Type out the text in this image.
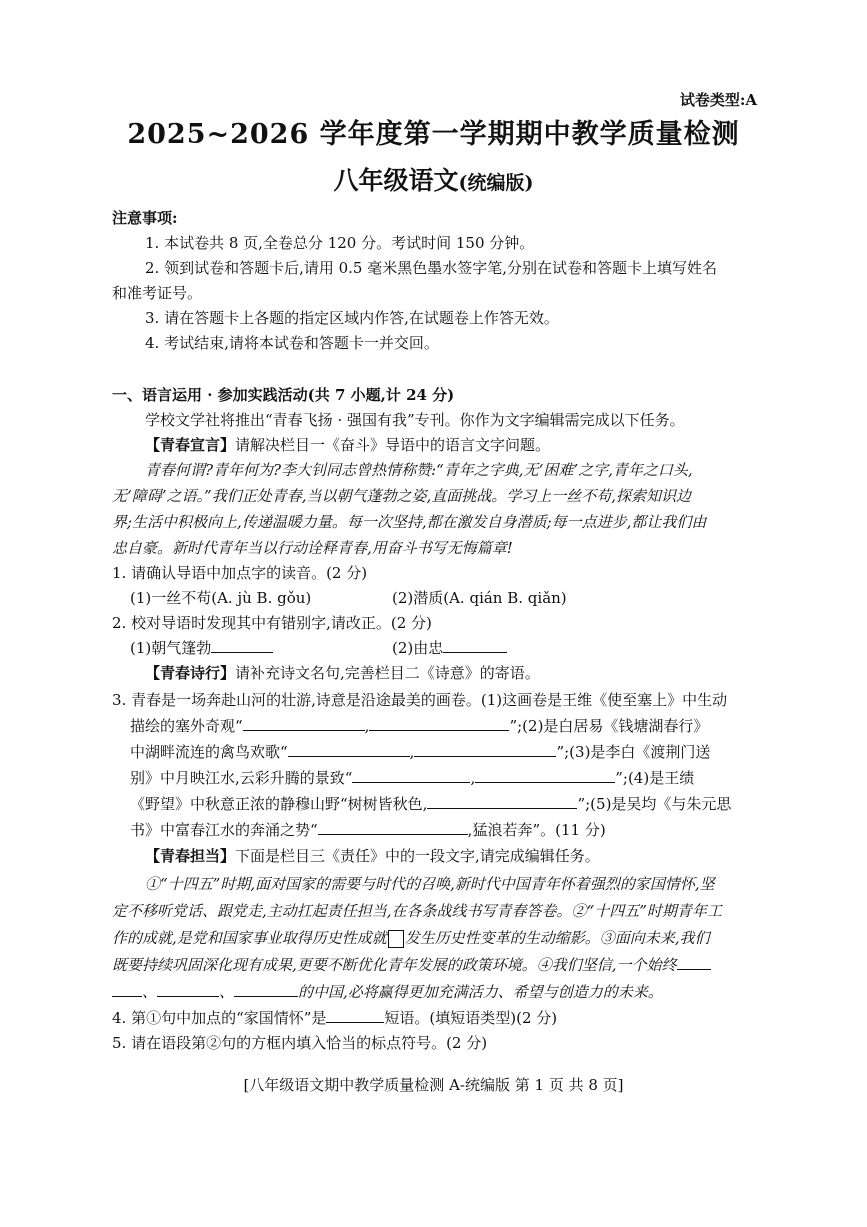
试卷类型:A
2025~2026 学年度第一学期期中教学质量检测
八年级语文(统编版)
注意事项:
1. 本试卷共 8 页,全卷总分 120 分。考试时间 150 分钟。
2. 领到试卷和答题卡后,请用 0.5 毫米黑色墨水签字笔,分别在试卷和答题卡上填写姓名
和准考证号。
3. 请在答题卡上各题的指定区域内作答,在试题卷上作答无效。
4. 考试结束,请将本试卷和答题卡一并交回。
一、语言运用 · 参加实践活动(共 7 小题,计 24 分)
学校文学社将推出“青春飞扬 · 强国有我”专刊。你作为文字编辑需完成以下任务。
【青春宣言】请解决栏目一《奋斗》导语中的语言文字问题。
青春何谓?青年何为?李大钊同志曾热情称赞:“青年之字典,无‘困难’之字,青年之口头,
无‘障碍’之语。”我们正处青春,当以朝气蓬勃之姿,直面挑战。学习上一丝不苟,探索知识边
界;生活中积极向上,传递温暖力量。每一次坚持,都在激发自身潜质;每一点进步,都让我们由
忠自豪。新时代青年当以行动诠释青春,用奋斗书写无悔篇章!
1. 请确认导语中加点字的读音。(2 分)
(1)一丝不苟(A. jù B. gǒu)	(2)潜质(A. qián B. qiǎn)
2. 校对导语时发现其中有错别字,请改正。(2 分)
(1)朝气篷勃	(2)由忠
【青春诗行】请补充诗文名句,完善栏目二《诗意》的寄语。
3. 青春是一场奔赴山河的壮游,诗意是沿途最美的画卷。(1)这画卷是王维《使至塞上》中生动
描绘的塞外奇观“	,	”;(2)是白居易《钱塘湖春行》
中湖畔流连的禽鸟欢歌“	,	”;(3)是李白《渡荆门送
别》中月映江水,云彩升腾的景致“	,	”;(4)是王绩
《野望》中秋意正浓的静穆山野“树树皆秋色,	”;(5)是吴均《与朱元思
书》中富春江水的奔涌之势“	,猛浪若奔”。(11 分)
【青春担当】下面是栏目三《责任》中的一段文字,请完成编辑任务。
①“十四五”时期,面对国家的需要与时代的召唤,新时代中国青年怀着强烈的家国情怀,坚
定不移听党话、跟党走,主动扛起责任担当,在各条战线书写青春答卷。②“十四五”时期青年工
作的成就,是党和国家事业取得历史性成就 发生历史性变革的生动缩影。③面向未来,我们
既要持续巩固深化现有成果,更要不断优化青年发展的政策环境。④我们坚信,一个始终
、	、	的中国,必将赢得更加充满活力、希望与创造力的未来。
4. 第①句中加点的“家国情怀”是	短语。(填短语类型)(2 分)
5. 请在语段第②句的方框内填入恰当的标点符号。(2 分)
[八年级语文期中教学质量检测 A-统编版 第 1 页 共 8 页]
